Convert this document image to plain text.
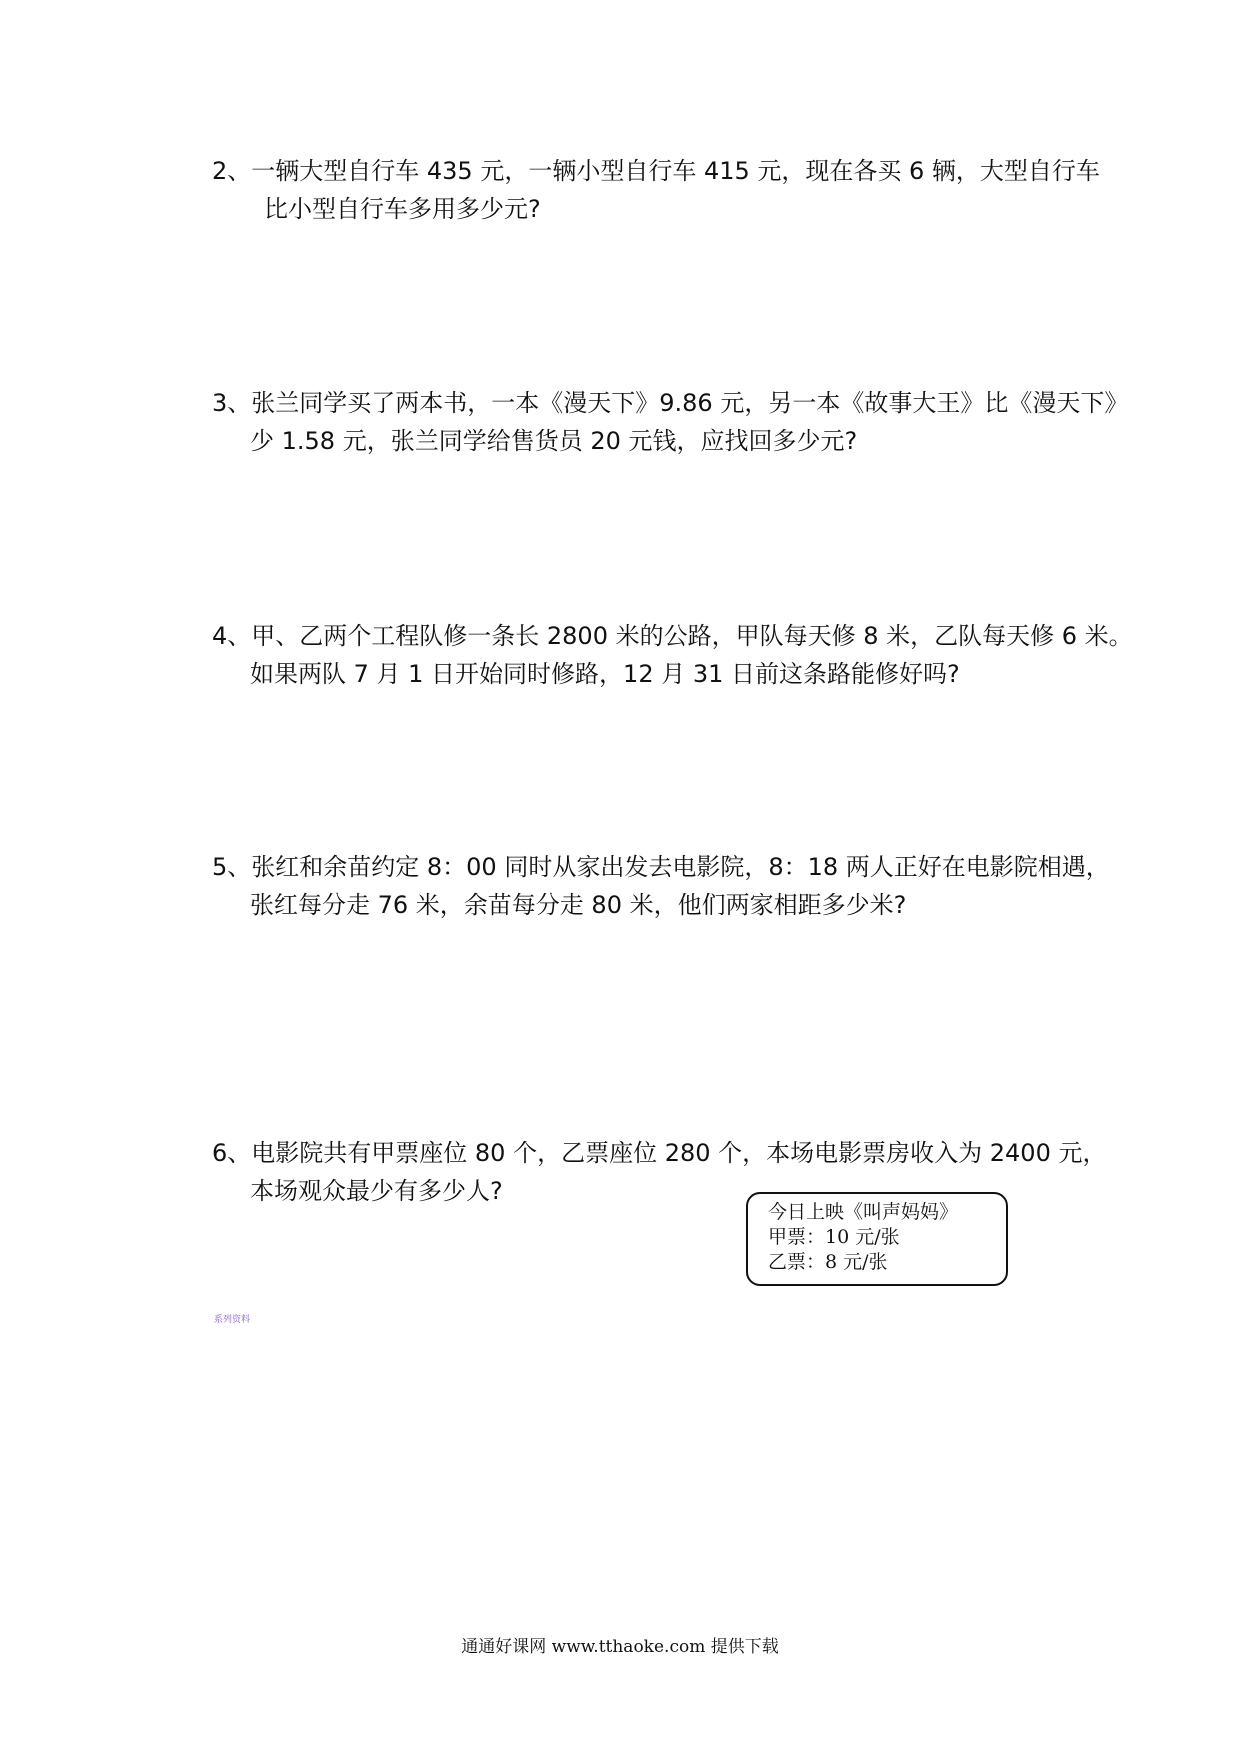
2、一辆大型自行车 435 元，一辆小型自行车 415 元，现在各买 6 辆，大型自行车
比小型自行车多用多少元?
3、张兰同学买了两本书，一本《漫天下》9.86 元，另一本《故事大王》比《漫天下》
少 1.58 元，张兰同学给售货员 20 元钱，应找回多少元?
4、甲、乙两个工程队修一条长 2800 米的公路，甲队每天修 8 米，乙队每天修 6 米。
如果两队 7 月 1 日开始同时修路，12 月 31 日前这条路能修好吗?
5、张红和余苗约定 8：00 同时从家出发去电影院，8：18 两人正好在电影院相遇，
张红每分走 76 米，余苗每分走 80 米，他们两家相距多少米?
6、电影院共有甲票座位 80 个，乙票座位 280 个，本场电影票房收入为 2400 元，
本场观众最少有多少人?
今日上映《叫声妈妈》
甲票：10 元/张
乙票：8 元/张
系列资料
通通好课网 www.tthaoke.com 提供下载
